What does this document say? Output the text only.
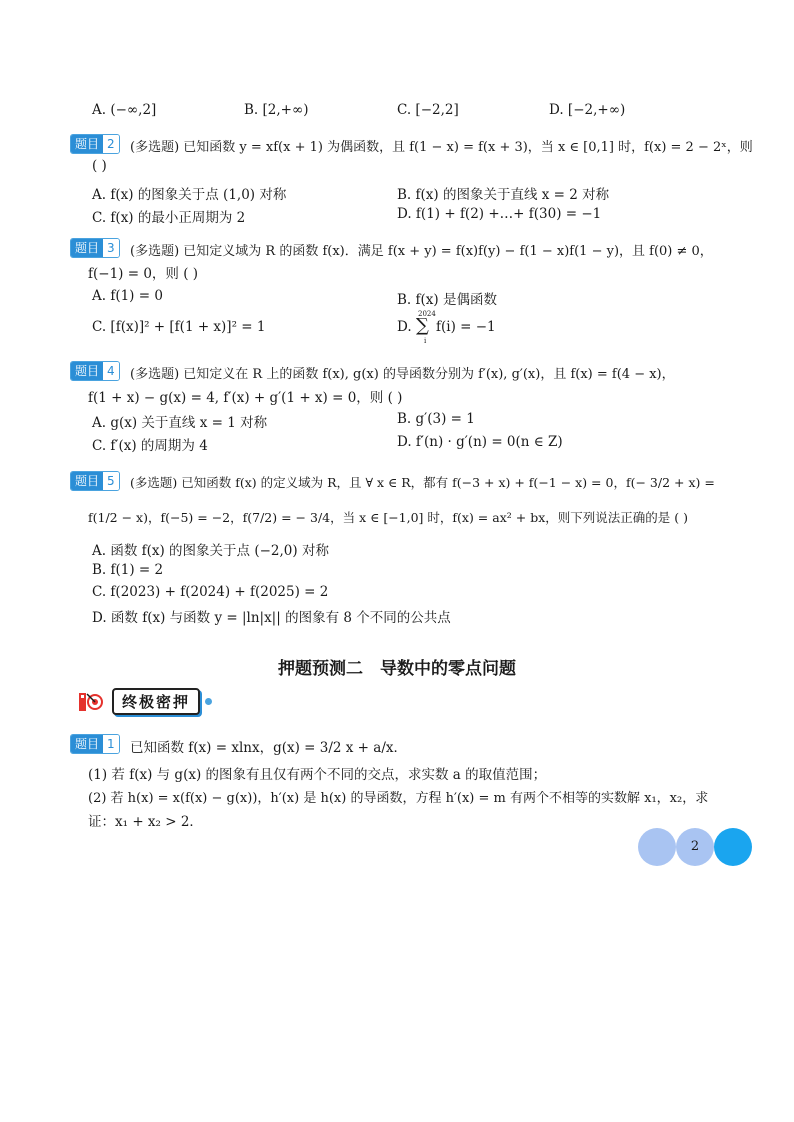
A. (−∞,2]	B. [2,+∞)	C. [−2,2]	D. [−2,+∞)
题目 2	(多选题) 已知函数 y = xf(x + 1) 为偶函数，且 f(1 − x) = f(x + 3)，当 x ∈ [0,1] 时，f(x) = 2 − 2ˣ，则
( )
A. f(x) 的图象关于点 (1,0) 对称	B. f(x) 的图象关于直线 x = 2 对称
C. f(x) 的最小正周期为 2	D. f(1) + f(2) +…+ f(30) = −1
题目 3	(多选题) 已知定义域为 R 的函数 f(x)．满足 f(x + y) = f(x)f(y) − f(1 − x)f(1 − y)，且 f(0) ≠ 0，
f(−1) = 0，则 ( )
A. f(1) = 0	B. f(x) 是偶函数
C. [f(x)]² + [f(1 + x)]² = 1	D.
2024
∑
i
f(i) = −1
题目 4	(多选题) 已知定义在 R 上的函数 f(x), g(x) 的导函数分别为 f′(x), g′(x)，且 f(x) = f(4 − x)，
f(1 + x) − g(x) = 4, f′(x) + g′(1 + x) = 0，则 ( )
A. g(x) 关于直线 x = 1 对称	B. g′(3) = 1
C. f′(x) 的周期为 4	D. f′(n) · g′(n) = 0(n ∈ Z)
题目 5	(多选题) 已知函数 f(x) 的定义域为 R，且 ∀ x ∈ R，都有 f(−3 + x) + f(−1 − x) = 0，f(− 3/2 + x) =
f(1/2 − x)，f(−5) = −2，f(7/2) = − 3/4，当 x ∈ [−1,0] 时，f(x) = ax² + bx，则下列说法正确的是 ( )
A. 函数 f(x) 的图象关于点 (−2,0) 对称
B. f(1) = 2
C. f(2023) + f(2024) + f(2025) = 2
D. 函数 f(x) 与函数 y = |ln|x|| 的图象有 8 个不同的公共点
押题预测二　导数中的零点问题
终极密押
题目 1 已知函数 f(x) = xlnx，g(x) = 3/2 x + a/x．
(1) 若 f(x) 与 g(x) 的图象有且仅有两个不同的交点，求实数 a 的取值范围；
(2) 若 h(x) = x(f(x) − g(x))，h′(x) 是 h(x) 的导函数，方程 h′(x) = m 有两个不相等的实数解 x₁，x₂，求
证：x₁ + x₂ > 2．
2
